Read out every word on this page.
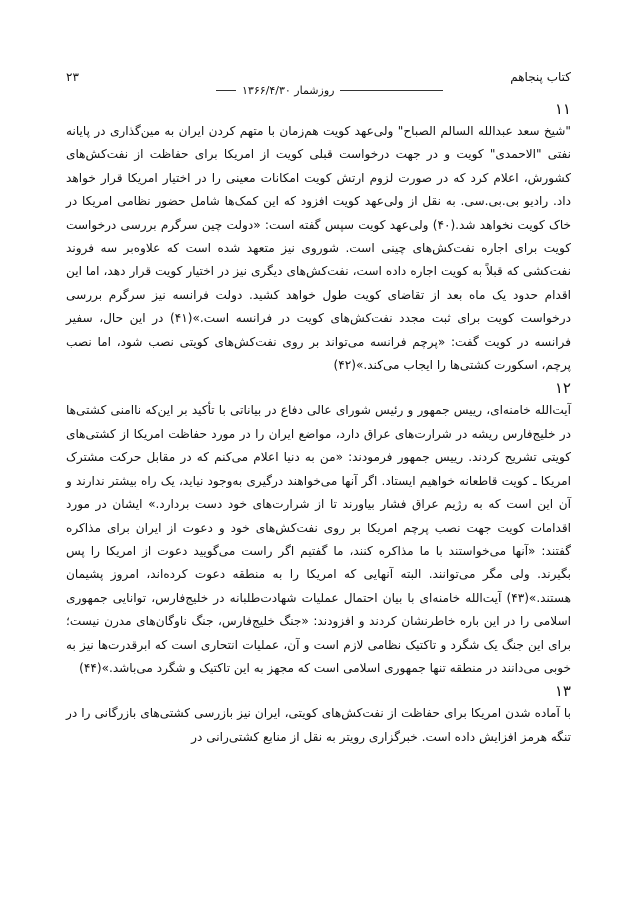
کتاب پنجاهم
روزشمار ۱۳۶۶/۴/۳۰
۲۳

۱۱

"شیخ سعد عبدالله السالم الصباح" ولی‌عهد کویت هم‌زمان با متهم کردن ایران به مین‌گذاری در پایانه نفتی "الاحمدی" کویت و در جهت درخواست قبلی کویت از امریکا برای حفاظت از نفت‌کش‌های کشورش، اعلام کرد که در صورت لزوم ارتش کویت امکانات معینی را در اختیار امریکا قرار خواهد داد. رادیو بی.بی.سی. به نقل از ولی‌عهد کویت افزود که این کمک‌ها شامل حضور نظامی امریکا در خاک کویت نخواهد شد.(۴۰) ولی‌عهد کویت سپس گفته است: «دولت چین سرگرم بررسی درخواست کویت برای اجاره نفت‌کش‌های چینی است. شوروی نیز متعهد شده است که علاوه‌بر سه فروند نفت‌کشی که قبلاً به کویت اجاره داده است، نفت‌کش‌های دیگری نیز در اختیار کویت قرار دهد، اما این اقدام حدود یک ماه بعد از تقاضای کویت طول خواهد کشید. دولت فرانسه نیز سرگرم بررسی درخواست کویت برای ثبت مجدد نفت‌کش‌های کویت در فرانسه است.»(۴۱) در این حال، سفیر فرانسه در کویت گفت: «پرچم فرانسه می‌تواند بر روی نفت‌کش‌های کویتی نصب شود، اما نصب پرچم، اسکورت کشتی‌ها را ایجاب می‌کند.»(۴۲)

۱۲

آیت‌الله خامنه‌ای، رییس جمهور و رئیس شورای عالی دفاع در بیاناتی با تأکید بر این‌که ناامنی کشتی‌ها در خلیج‌فارس ریشه در شرارت‌های عراق دارد، مواضع ایران را در مورد حفاظت امریکا از کشتی‌های کویتی تشریح کردند. رییس جمهور فرمودند: «من به دنیا اعلام می‌کنم که در مقابل حرکت مشترک امریکا ـ کویت قاطعانه خواهیم ایستاد. اگر آنها می‌خواهند درگیری به‌وجود نیاید، یک راه بیشتر ندارند و آن این است که به رژیم عراق فشار بیاورند تا از شرارت‌های خود دست بردارد.» ایشان در مورد اقدامات کویت جهت نصب پرچم امریکا بر روی نفت‌کش‌های خود و دعوت از ایران برای مذاکره گفتند: «آنها می‌خواستند با ما مذاکره کنند، ما گفتیم اگر راست می‌گویید دعوت از امریکا را پس بگیرند. ولی مگر می‌توانند. البته آنهایی که امریکا را به منطقه دعوت کرده‌اند، امروز پشیمان هستند.»(۴۳) آیت‌الله خامنه‌ای با بیان احتمال عملیات شهادت‌طلبانه در خلیج‌فارس، توانایی جمهوری اسلامی را در این باره خاطرنشان کردند و افزودند: «جنگ خلیج‌فارس، جنگ ناوگان‌های مدرن نیست؛ برای این جنگ یک شگرد و تاکتیک نظامی لازم است و آن، عملیات انتحاری است که ابرقدرت‌ها نیز به خوبی می‌دانند در منطقه تنها جمهوری اسلامی است که مجهز به این تاکتیک و شگرد می‌باشد.»(۴۴)

۱۳

با آماده شدن امریکا برای حفاظت از نفت‌کش‌های کویتی، ایران نیز بازرسی کشتی‌های بازرگانی را در تنگه هرمز افزایش داده است. خبرگزاری رویتر به نقل از منابع کشتی‌رانی در
